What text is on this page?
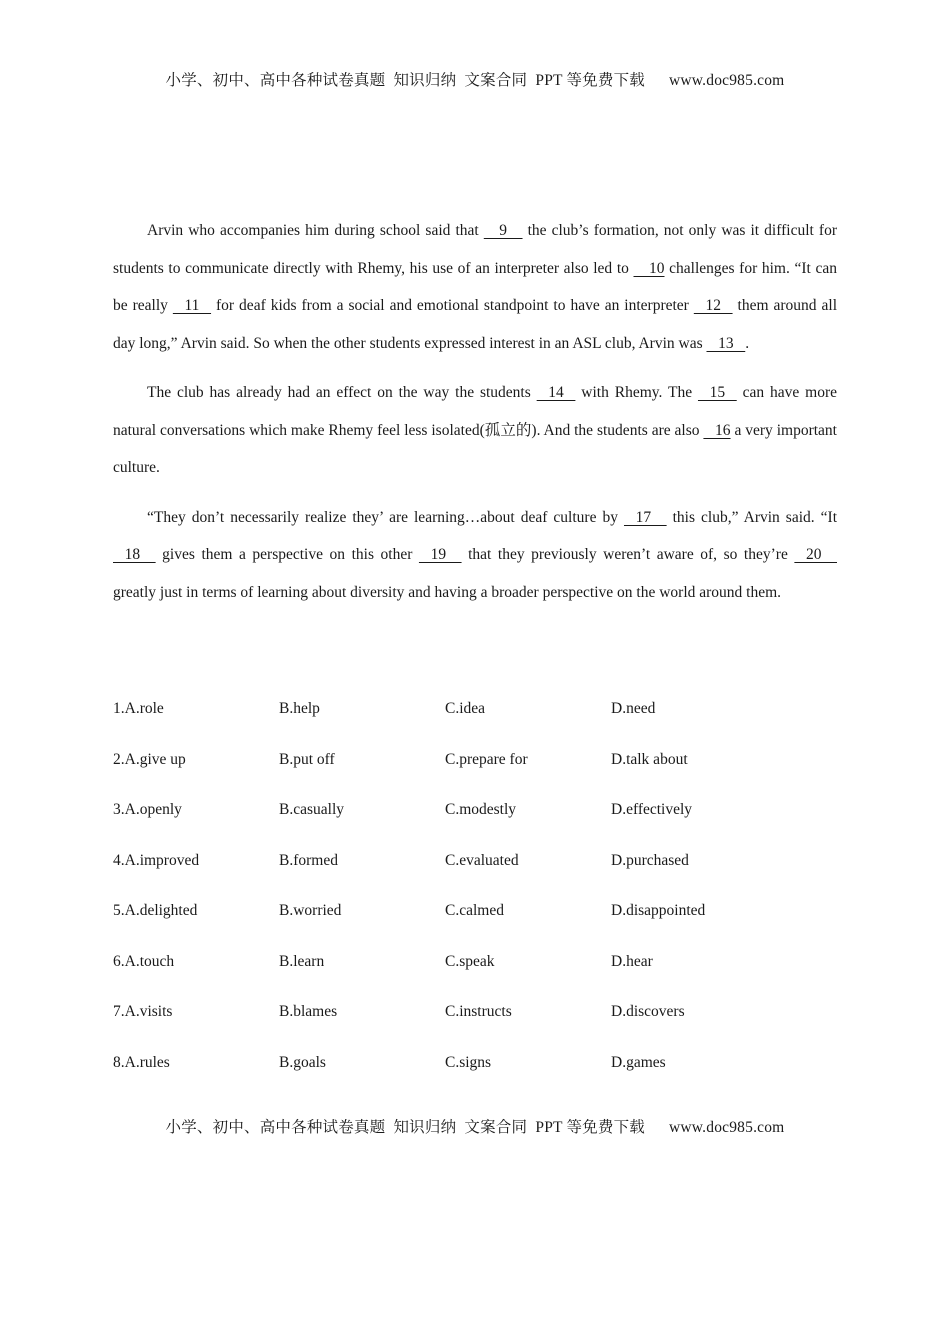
小学、初中、高中各种试卷真题  知识归纳  文案合同  PPT 等免费下载 www.doc985.com

Arvin who accompanies him during school said that     9     the club’s formation, not only was it difficult for students to communicate directly with Rhemy, his use of an interpreter also led to     10 challenges for him. “It can be really    11    for deaf kids from a social and emotional standpoint to have an interpreter    12    them around all day long,” Arvin said. So when the other students expressed interest in an ASL club, Arvin was    13   .

The club has already had an effect on the way the students    14    with Rhemy. The    15    can have more natural conversations which make Rhemy feel less isolated(孤立的). And the students are also    16 a very important culture.

“They don’t necessarily realize they’ are learning…about deaf culture by    17     this club,” Arvin said. “It    18     gives them a perspective on this other    19     that they previously weren’t aware of, so they’re    20     greatly just in terms of learning about diversity and having a broader perspective on the world around them.

1.A.role	B.help	C.idea	D.need
2.A.give up	B.put off	C.prepare for	D.talk about
3.A.openly	B.casually	C.modestly	D.effectively
4.A.improved	B.formed	C.evaluated	D.purchased
5.A.delighted	B.worried	C.calmed	D.disappointed
6.A.touch	B.learn	C.speak	D.hear
7.A.visits	B.blames	C.instructs	D.discovers
8.A.rules	B.goals	C.signs	D.games
小学、初中、高中各种试卷真题  知识归纳  文案合同  PPT 等免费下载 www.doc985.com
